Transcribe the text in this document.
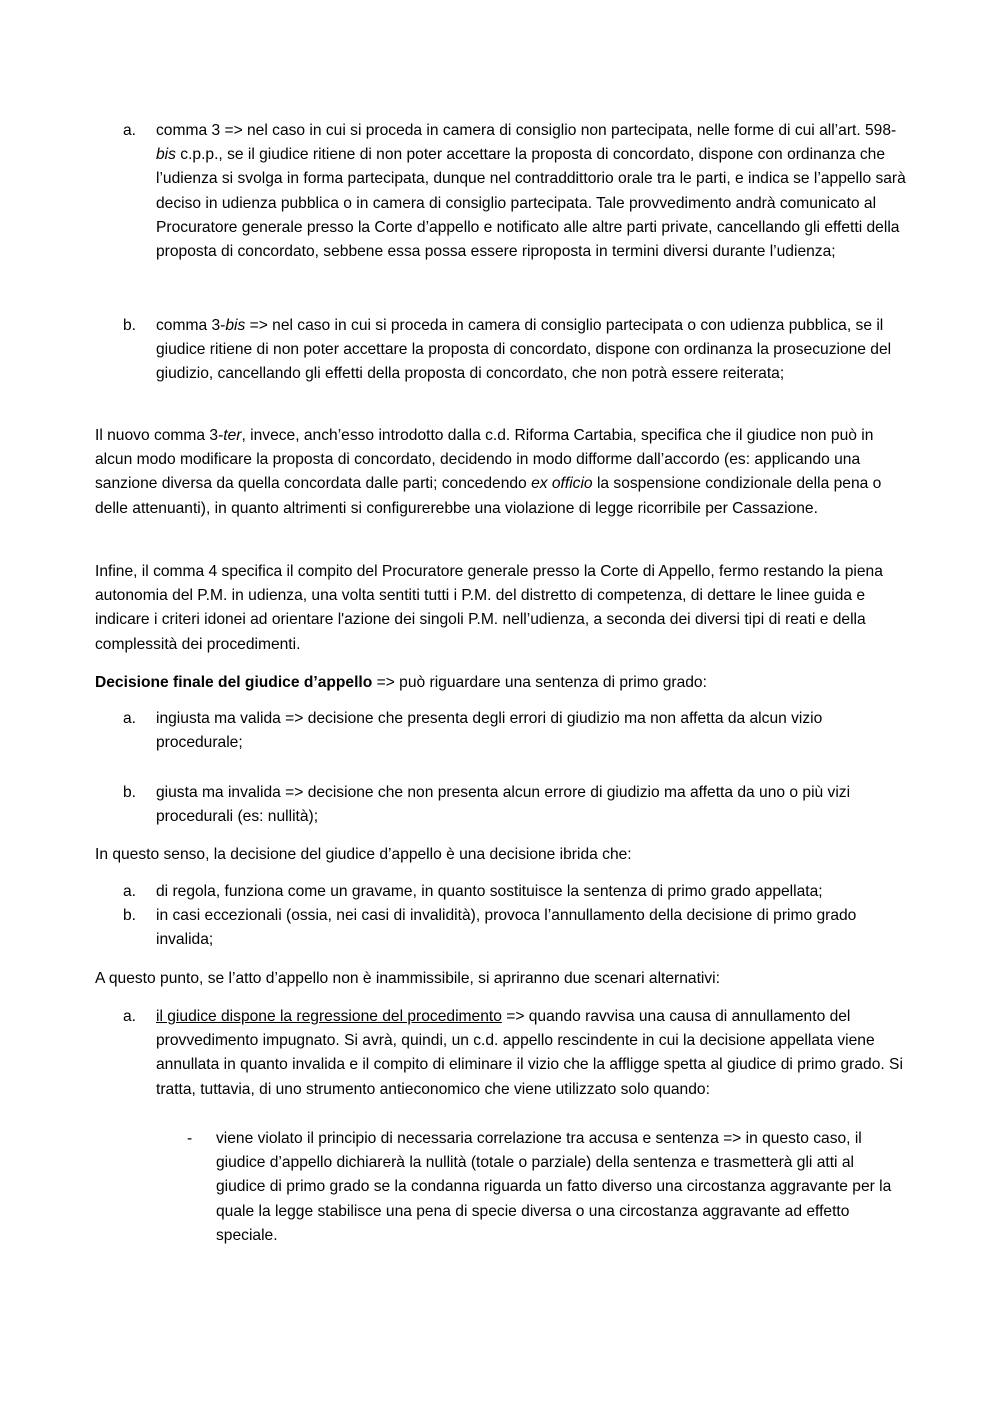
a. comma 3 => nel caso in cui si proceda in camera di consiglio non partecipata, nelle forme di cui all’art. 598-bis c.p.p., se il giudice ritiene di non poter accettare la proposta di concordato, dispone con ordinanza che l’udienza si svolga in forma partecipata, dunque nel contraddittorio orale tra le parti, e indica se l’appello sarà deciso in udienza pubblica o in camera di consiglio partecipata. Tale provvedimento andrà comunicato al Procuratore generale presso la Corte d’appello e notificato alle altre parti private, cancellando gli effetti della proposta di concordato, sebbene essa possa essere riproposta in termini diversi durante l’udienza;

b. comma 3-bis => nel caso in cui si proceda in camera di consiglio partecipata o con udienza pubblica, se il giudice ritiene di non poter accettare la proposta di concordato, dispone con ordinanza la prosecuzione del giudizio, cancellando gli effetti della proposta di concordato, che non potrà essere reiterata;

Il nuovo comma 3-ter, invece, anch’esso introdotto dalla c.d. Riforma Cartabia, specifica che il giudice non può in alcun modo modificare la proposta di concordato, decidendo in modo difforme dall’accordo (es: applicando una sanzione diversa da quella concordata dalle parti; concedendo ex officio la sospensione condizionale della pena o delle attenuanti), in quanto altrimenti si configurerebbe una violazione di legge ricorribile per Cassazione.

Infine, il comma 4 specifica il compito del Procuratore generale presso la Corte di Appello, fermo restando la piena autonomia del P.M. in udienza, una volta sentiti tutti i P.M. del distretto di competenza, di dettare le linee guida e indicare i criteri idonei ad orientare l'azione dei singoli P.M. nell’udienza, a seconda dei diversi tipi di reati e della complessità dei procedimenti.

Decisione finale del giudice d’appello => può riguardare una sentenza di primo grado:

a. ingiusta ma valida => decisione che presenta degli errori di giudizio ma non affetta da alcun vizio procedurale;

b. giusta ma invalida => decisione che non presenta alcun errore di giudizio ma affetta da uno o più vizi procedurali (es: nullità);

In questo senso, la decisione del giudice d’appello è una decisione ibrida che:

a. di regola, funziona come un gravame, in quanto sostituisce la sentenza di primo grado appellata;

b. in casi eccezionali (ossia, nei casi di invalidità), provoca l’annullamento della decisione di primo grado invalida;

A questo punto, se l’atto d’appello non è inammissibile, si apriranno due scenari alternativi:

a. il giudice dispone la regressione del procedimento => quando ravvisa una causa di annullamento del provvedimento impugnato. Si avrà, quindi, un c.d. appello rescindente in cui la decisione appellata viene annullata in quanto invalida e il compito di eliminare il vizio che la affligge spetta al giudice di primo grado. Si tratta, tuttavia, di uno strumento antieconomico che viene utilizzato solo quando:

- viene violato il principio di necessaria correlazione tra accusa e sentenza => in questo caso, il giudice d’appello dichiarerà la nullità (totale o parziale) della sentenza e trasmetterà gli atti al giudice di primo grado se la condanna riguarda un fatto diverso una circostanza aggravante per la quale la legge stabilisce una pena di specie diversa o una circostanza aggravante ad effetto speciale.
